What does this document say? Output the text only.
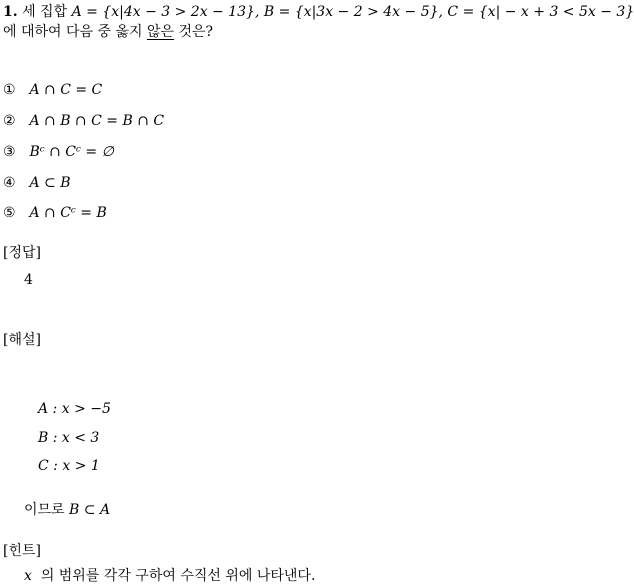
1. 세 집합 A = {x|4x − 3 > 2x − 13}, B = {x|3x − 2 > 4x − 5}, C = {x| − x + 3 < 5x − 3}
에 대하여 다음 중 옳지 않은 것은?
① A ∩ C = C
② A ∩ B ∩ C = B ∩ C
③ Bᶜ ∩ Cᶜ = ∅
④ A ⊂ B
⑤ A ∩ Cᶜ = B
[정답]
4
[해설]
A : x > −5
B : x < 3
C : x > 1
이므로 B ⊂ A
[힌트]
x 의 범위를 각각 구하여 수직선 위에 나타낸다.
